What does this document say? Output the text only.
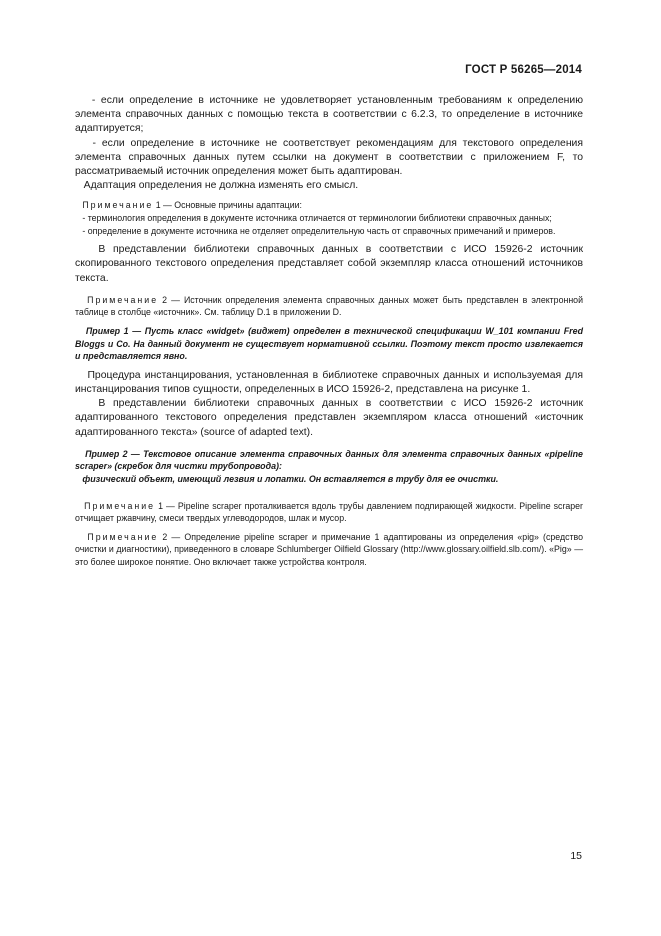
ГОСТ Р 56265—2014

- если определение в источнике не удовлетворяет установленным требованиям к определению элемента справочных данных с помощью текста в соответствии с 6.2.3, то определение в источнике адаптируется;

- если определение в источнике не соответствует рекомендациям для текстового определения элемента справочных данных путем ссылки на документ в соответствии с приложением F, то рассматриваемый источник определения может быть адаптирован.

Адаптация определения не должна изменять его смысл.

Примечание 1 — Основные причины адаптации:

- терминология определения в документе источника отличается от терминологии библиотеки справочных данных;

- определение в документе источника не отделяет определительную часть от справочных примечаний и примеров.

В представлении библиотеки справочных данных в соответствии с ИСО 15926-2 источник скопированного текстового определения представляет собой экземпляр класса отношений источников текста.

Примечание 2 — Источник определения элемента справочных данных может быть представлен в электронной таблице в столбце «источник». См. таблицу D.1 в приложении D.

Пример 1 — Пусть класс «widget» (виджет) определен в технической спецификации W_101 компании Fred Bloggs и Co. На данный документ не существует нормативной ссылки. Поэтому текст просто извлекается и представляется явно.

Процедура инстанцирования, установленная в библиотеке справочных данных и используемая для инстанцирования типов сущности, определенных в ИСО 15926-2, представлена на рисунке 1.

В представлении библиотеки справочных данных в соответствии с ИСО 15926-2 источник адаптированного текстового определения представлен экземпляром класса отношений «источник адаптированного текста» (source of adapted text).

Пример 2 — Текстовое описание элемента справочных данных для элемента справочных данных «pipeline scraper» (скребок для чистки трубопровода):

физический объект, имеющий лезвия и лопатки. Он вставляется в трубу для ее очистки.

Примечание 1 — Pipeline scraper проталкивается вдоль трубы давлением подпирающей жидкости. Pipeline scraper отчищает ржавчину, смеси твердых углеводородов, шлак и мусор.

Примечание 2 — Определение pipeline scraper и примечание 1 адаптированы из определения «pig» (средство очистки и диагностики), приведенного в словаре Schlumberger Oilfield Glossary (http://www.glossary.oilfield.slb.com/). «Pig» — это более широкое понятие. Оно включает также устройства контроля.

15
